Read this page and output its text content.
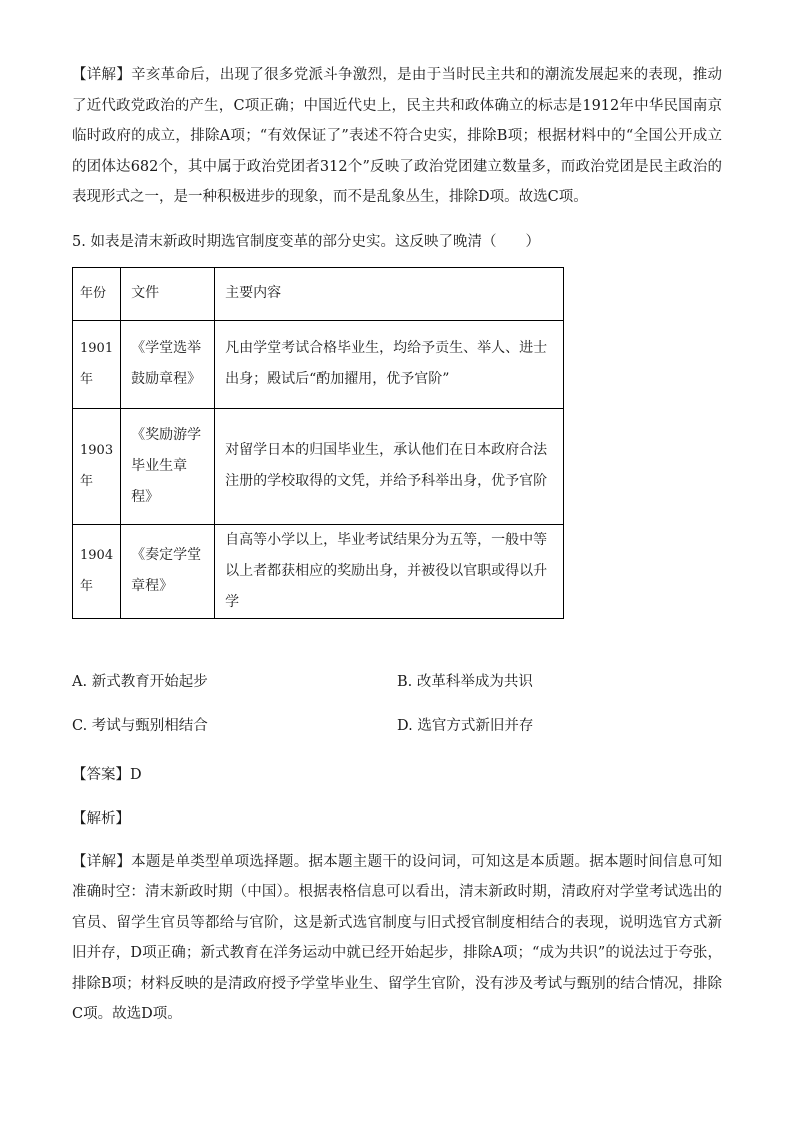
【详解】辛亥革命后，出现了很多党派斗争激烈，是由于当时民主共和的潮流发展起来的表现，推动了近代政党政治的产生，C项正确；中国近代史上，民主共和政体确立的标志是1912年中华民国南京临时政府的成立，排除A项；“有效保证了”表述不符合史实，排除B项；根据材料中的“全国公开成立的团体达682个，其中属于政治党团者312个”反映了政治党团建立数量多，而政治党团是民主政治的表现形式之一，是一种积极进步的现象，而不是乱象丛生，排除D项。故选C项。

5. 如表是清末新政时期选官制度变革的部分史实。这反映了晚清（　　）

年份	文件	主要内容
1901年	《学堂选举鼓励章程》	凡由学堂考试合格毕业生，均给予贡生、举人、进士出身；殿试后“酌加擢用，优予官阶”
1903年	《奖励游学毕业生章程》	对留学日本的归国毕业生，承认他们在日本政府合法注册的学校取得的文凭，并给予科举出身，优予官阶
1904年	《奏定学堂章程》	自高等小学以上，毕业考试结果分为五等，一般中等以上者都获相应的奖励出身，并被役以官职或得以升学
A. 新式教育开始起步	B. 改革科举成为共识
C. 考试与甄别相结合	D. 选官方式新旧并存

【答案】D

【解析】

【详解】本题是单类型单项选择题。据本题主题干的设问词，可知这是本质题。据本题时间信息可知准确时空：清末新政时期（中国）。根据表格信息可以看出，清末新政时期，清政府对学堂考试选出的官员、留学生官员等都给与官阶，这是新式选官制度与旧式授官制度相结合的表现，说明选官方式新旧并存，D项正确；新式教育在洋务运动中就已经开始起步，排除A项；“成为共识”的说法过于夸张，排除B项；材料反映的是清政府授予学堂毕业生、留学生官阶，没有涉及考试与甄别的结合情况，排除C项。故选D项。
